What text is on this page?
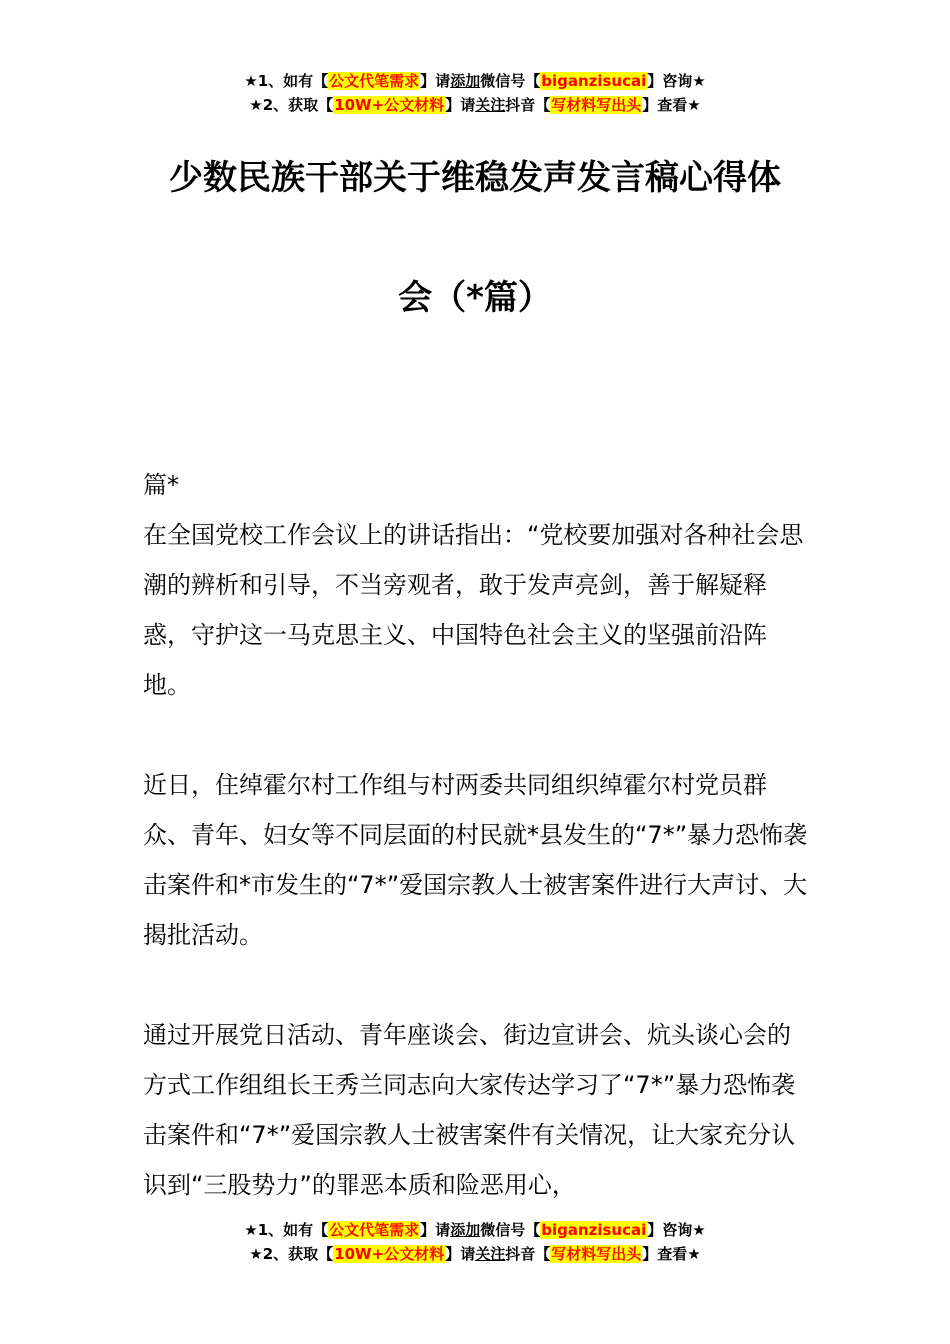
★1、如有【公文代笔需求】请添加微信号【biganzisucai】咨询★
★2、获取【10W+公文材料】请关注抖音【写材料写出头】查看★
少数民族干部关于维稳发声发言稿心得体
会（*篇）

篇*

在全国党校工作会议上的讲话指出：“党校要加强对各种社会思潮的辨析和引导，不当旁观者，敢于发声亮剑，善于解疑释惑，守护这一马克思主义、中国特色社会主义的坚强前沿阵地。

近日，住绰霍尔村工作组与村两委共同组织绰霍尔村党员群众、青年、妇女等不同层面的村民就*县发生的“7*”暴力恐怖袭击案件和*市发生的“7*”爱国宗教人士被害案件进行大声讨、大揭批活动。

通过开展党日活动、青年座谈会、街边宣讲会、炕头谈心会的方式工作组组长王秀兰同志向大家传达学习了“7*”暴力恐怖袭击案件和“7*”爱国宗教人士被害案件有关情况，让大家充分认识到“三股势力”的罪恶本质和险恶用心，

★1、如有【公文代笔需求】请添加微信号【biganzisucai】咨询★
★2、获取【10W+公文材料】请关注抖音【写材料写出头】查看★
